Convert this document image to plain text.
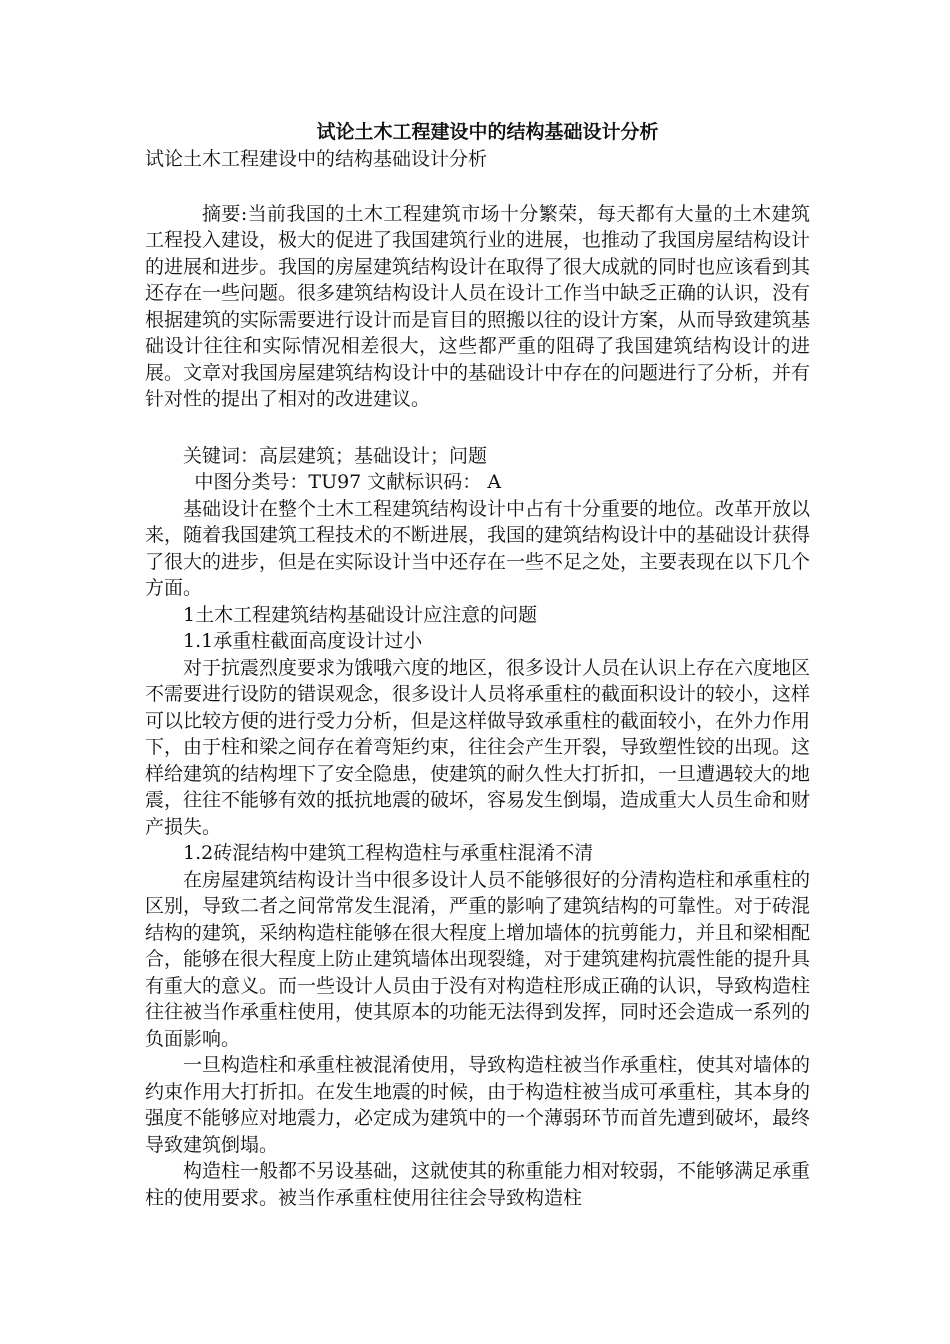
试论土木工程建设中的结构基础设计分析

试论土木工程建设中的结构基础设计分析

摘要:当前我国的土木工程建筑市场十分繁荣，每天都有大量的土木建筑工程投入建设，极大的促进了我国建筑行业的进展，也推动了我国房屋结构设计的进展和进步。我国的房屋建筑结构设计在取得了很大成就的同时也应该看到其还存在一些问题。很多建筑结构设计人员在设计工作当中缺乏正确的认识，没有根据建筑的实际需要进行设计而是盲目的照搬以往的设计方案，从而导致建筑基础设计往往和实际情况相差很大，这些都严重的阻碍了我国建筑结构设计的进展。文章对我国房屋建筑结构设计中的基础设计中存在的问题进行了分析，并有针对性的提出了相对的改进建议。

关键词：高层建筑；基础设计；问题

中图分类号：TU97 文献标识码： A

基础设计在整个土木工程建筑结构设计中占有十分重要的地位。改革开放以来，随着我国建筑工程技术的不断进展，我国的建筑结构设计中的基础设计获得了很大的进步，但是在实际设计当中还存在一些不足之处，主要表现在以下几个方面。

1土木工程建筑结构基础设计应注意的问题

1.1承重柱截面高度设计过小

对于抗震烈度要求为饿哦六度的地区，很多设计人员在认识上存在六度地区不需要进行设防的错误观念，很多设计人员将承重柱的截面积设计的较小，这样可以比较方便的进行受力分析，但是这样做导致承重柱的截面较小，在外力作用下，由于柱和梁之间存在着弯矩约束，往往会产生开裂，导致塑性铰的出现。这样给建筑的结构埋下了安全隐患，使建筑的耐久性大打折扣，一旦遭遇较大的地震，往往不能够有效的抵抗地震的破坏，容易发生倒塌，造成重大人员生命和财产损失。

1.2砖混结构中建筑工程构造柱与承重柱混淆不清

在房屋建筑结构设计当中很多设计人员不能够很好的分清构造柱和承重柱的区别，导致二者之间常常发生混淆，严重的影响了建筑结构的可靠性。对于砖混结构的建筑，采纳构造柱能够在很大程度上增加墙体的抗剪能力，并且和梁相配合，能够在很大程度上防止建筑墙体出现裂缝，对于建筑建构抗震性能的提升具有重大的意义。而一些设计人员由于没有对构造柱形成正确的认识，导致构造柱往往被当作承重柱使用，使其原本的功能无法得到发挥，同时还会造成一系列的负面影响。

一旦构造柱和承重柱被混淆使用，导致构造柱被当作承重柱，使其对墙体的约束作用大打折扣。在发生地震的时候，由于构造柱被当成可承重柱，其本身的强度不能够应对地震力，必定成为建筑中的一个薄弱环节而首先遭到破坏，最终导致建筑倒塌。

构造柱一般都不另设基础，这就使其的称重能力相对较弱，不能够满足承重柱的使用要求。被当作承重柱使用往往会导致构造柱
